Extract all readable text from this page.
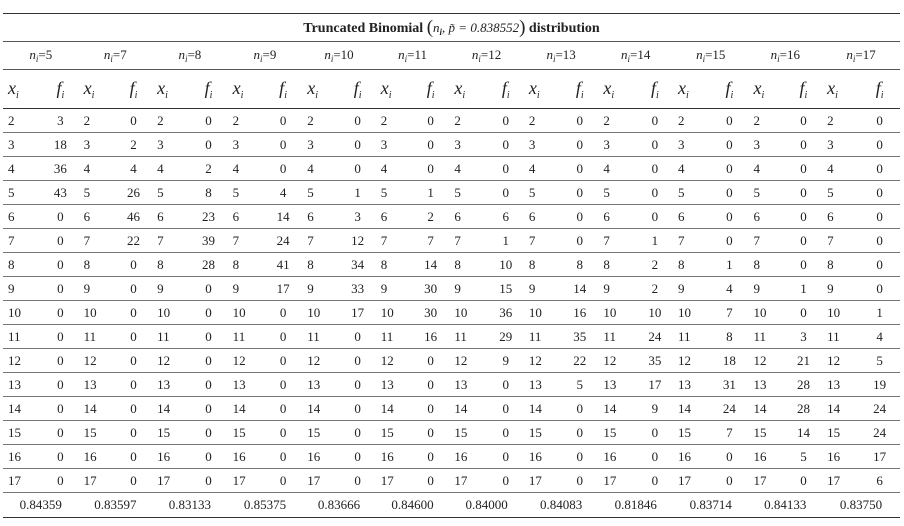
Truncated Binomial ($n_i$, p̃ = 0.838552) distribution																							
$n_i=5$		$n_i=7$		$n_i=8$		$n_i=9$		$n_i=10$		$n_i=11$		$n_i=12$		$n_i=13$		$n_i=14$		$n_i=15$		$n_i=16$		$n_i=17$	
$x_i$	$f_i$	$x_i$	$f_i$	$x_i$	$f_i$	$x_i$	$f_i$	$x_i$	$f_i$	$x_i$	$f_i$	$x_i$	$f_i$	$x_i$	$f_i$	$x_i$	$f_i$	$x_i$	$f_i$	$x_i$	$f_i$	$x_i$	$f_i$
2	3	2	0	2	0	2	0	2	0	2	0	2	0	2	0	2	0	2	0	2	0	2	0
3	18	3	2	3	0	3	0	3	0	3	0	3	0	3	0	3	0	3	0	3	0	3	0
4	36	4	4	4	2	4	0	4	0	4	0	4	0	4	0	4	0	4	0	4	0	4	0
5	43	5	26	5	8	5	4	5	1	5	1	5	0	5	0	5	0	5	0	5	0	5	0
6	0	6	46	6	23	6	14	6	3	6	2	6	6	6	0	6	0	6	0	6	0	6	0
7	0	7	22	7	39	7	24	7	12	7	7	7	1	7	0	7	1	7	0	7	0	7	0
8	0	8	0	8	28	8	41	8	34	8	14	8	10	8	8	8	2	8	1	8	0	8	0
9	0	9	0	9	0	9	17	9	33	9	30	9	15	9	14	9	2	9	4	9	1	9	0
10	0	10	0	10	0	10	0	10	17	10	30	10	36	10	16	10	10	10	7	10	0	10	1
11	0	11	0	11	0	11	0	11	0	11	16	11	29	11	35	11	24	11	8	11	3	11	4
12	0	12	0	12	0	12	0	12	0	12	0	12	9	12	22	12	35	12	18	12	21	12	5
13	0	13	0	13	0	13	0	13	0	13	0	13	0	13	5	13	17	13	31	13	28	13	19
14	0	14	0	14	0	14	0	14	0	14	0	14	0	14	0	14	9	14	24	14	28	14	24
15	0	15	0	15	0	15	0	15	0	15	0	15	0	15	0	15	0	15	7	15	14	15	24
16	0	16	0	16	0	16	0	16	0	16	0	16	0	16	0	16	0	16	0	16	5	16	17
17	0	17	0	17	0	17	0	17	0	17	0	17	0	17	0	17	0	17	0	17	0	17	6
0.84359		0.83597		0.83133		0.85375		0.83666		0.84600		0.84000		0.84083		0.81846		0.83714		0.84133		0.83750	
